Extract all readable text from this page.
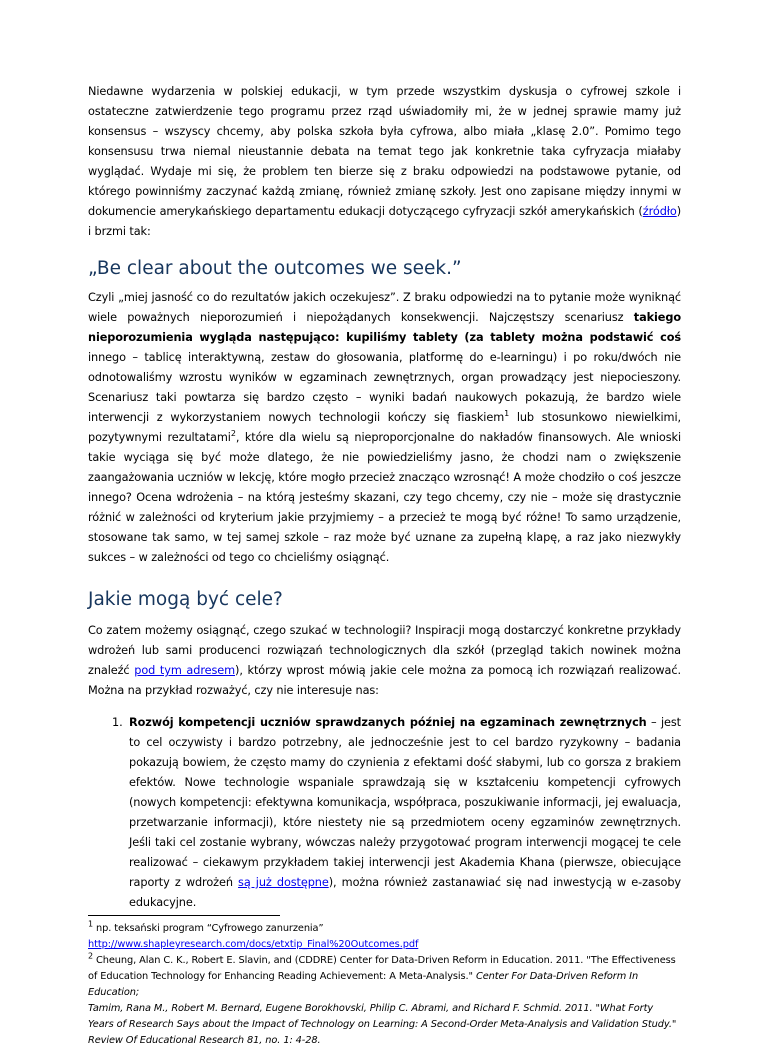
Niedawne wydarzenia w polskiej edukacji, w tym przede wszystkim dyskusja o cyfrowej szkole i ostateczne zatwierdzenie tego programu przez rząd uświadomiły mi, że w jednej sprawie mamy już konsensus – wszyscy chcemy, aby polska szkoła była cyfrowa, albo miała „klasę 2.0”. Pomimo tego konsensusu trwa niemal nieustannie debata na temat tego jak konkretnie taka cyfryzacja miałaby wyglądać. Wydaje mi się, że problem ten bierze się z braku odpowiedzi na podstawowe pytanie, od którego powinniśmy zaczynać każdą zmianę, również zmianę szkoły. Jest ono zapisane między innymi w dokumencie amerykańskiego departamentu edukacji dotyczącego cyfryzacji szkół amerykańskich (źródło) i brzmi tak:

„Be clear about the outcomes we seek.”

Czyli „miej jasność co do rezultatów jakich oczekujesz”. Z braku odpowiedzi na to pytanie może wyniknąć wiele poważnych nieporozumień i niepożądanych konsekwencji. Najczęstszy scenariusz takiego nieporozumienia wygląda następująco: kupiliśmy tablety (za tablety można podstawić coś innego – tablicę interaktywną, zestaw do głosowania, platformę do e-learningu) i po roku/dwóch nie odnotowaliśmy wzrostu wyników w egzaminach zewnętrznych, organ prowadzący jest niepocieszony. Scenariusz taki powtarza się bardzo często – wyniki badań naukowych pokazują, że bardzo wiele interwencji z wykorzystaniem nowych technologii kończy się fiaskiem$^1$ lub stosunkowo niewielkimi, pozytywnymi rezultatami$^2$, które dla wielu są nieproporcjonalne do nakładów finansowych. Ale wnioski takie wyciąga się być może dlatego, że nie powiedzieliśmy jasno, że chodzi nam o zwiększenie zaangażowania uczniów w lekcję, które mogło przecież znacząco wzrosnąć! A może chodziło o coś jeszcze innego? Ocena wdrożenia – na którą jesteśmy skazani, czy tego chcemy, czy nie – może się drastycznie różnić w zależności od kryterium jakie przyjmiemy – a przecież te mogą być różne! To samo urządzenie, stosowane tak samo, w tej samej szkole – raz może być uznane za zupełną klapę, a raz jako niezwykły sukces – w zależności od tego co chcieliśmy osiągnąć.

Jakie mogą być cele?

Co zatem możemy osiągnąć, czego szukać w technologii? Inspiracji mogą dostarczyć konkretne przykłady wdrożeń lub sami producenci rozwiązań technologicznych dla szkół (przegląd takich nowinek można znaleźć pod tym adresem), którzy wprost mówią jakie cele można za pomocą ich rozwiązań realizować. Można na przykład rozważyć, czy nie interesuje nas:

1. Rozwój kompetencji uczniów sprawdzanych później na egzaminach zewnętrznych – jest to cel oczywisty i bardzo potrzebny, ale jednocześnie jest to cel bardzo ryzykowny – badania pokazują bowiem, że często mamy do czynienia z efektami dość słabymi, lub co gorsza z brakiem efektów. Nowe technologie wspaniale sprawdzają się w kształceniu kompetencji cyfrowych (nowych kompetencji: efektywna komunikacja, współpraca, poszukiwanie informacji, jej ewaluacja, przetwarzanie informacji), które niestety nie są przedmiotem oceny egzaminów zewnętrznych. Jeśli taki cel zostanie wybrany, wówczas należy przygotować program interwencji mogącej te cele realizować – ciekawym przykładem takiej interwencji jest Akademia Khana (pierwsze, obiecujące raporty z wdrożeń są już dostępne), można również zastanawiać się nad inwestycją w e-zasoby edukacyjne.

$^1$ np. teksański program “Cyfrowego zanurzenia”
http://www.shapleyresearch.com/docs/etxtip_Final%20Outcomes.pdf
$^2$ Cheung, Alan C. K., Robert E. Slavin, and (CDDRE) Center for Data-Driven Reform in Education. 2011. "The Effectiveness of Education Technology for Enhancing Reading Achievement: A Meta-Analysis." Center For Data-Driven Reform In Education;
Tamim, Rana M., Robert M. Bernard, Eugene Borokhovski, Philip C. Abrami, and Richard F. Schmid. 2011. "What Forty Years of Research Says about the Impact of Technology on Learning: A Second-Order Meta-Analysis and Validation Study." Review Of Educational Research 81, no. 1: 4-28.
